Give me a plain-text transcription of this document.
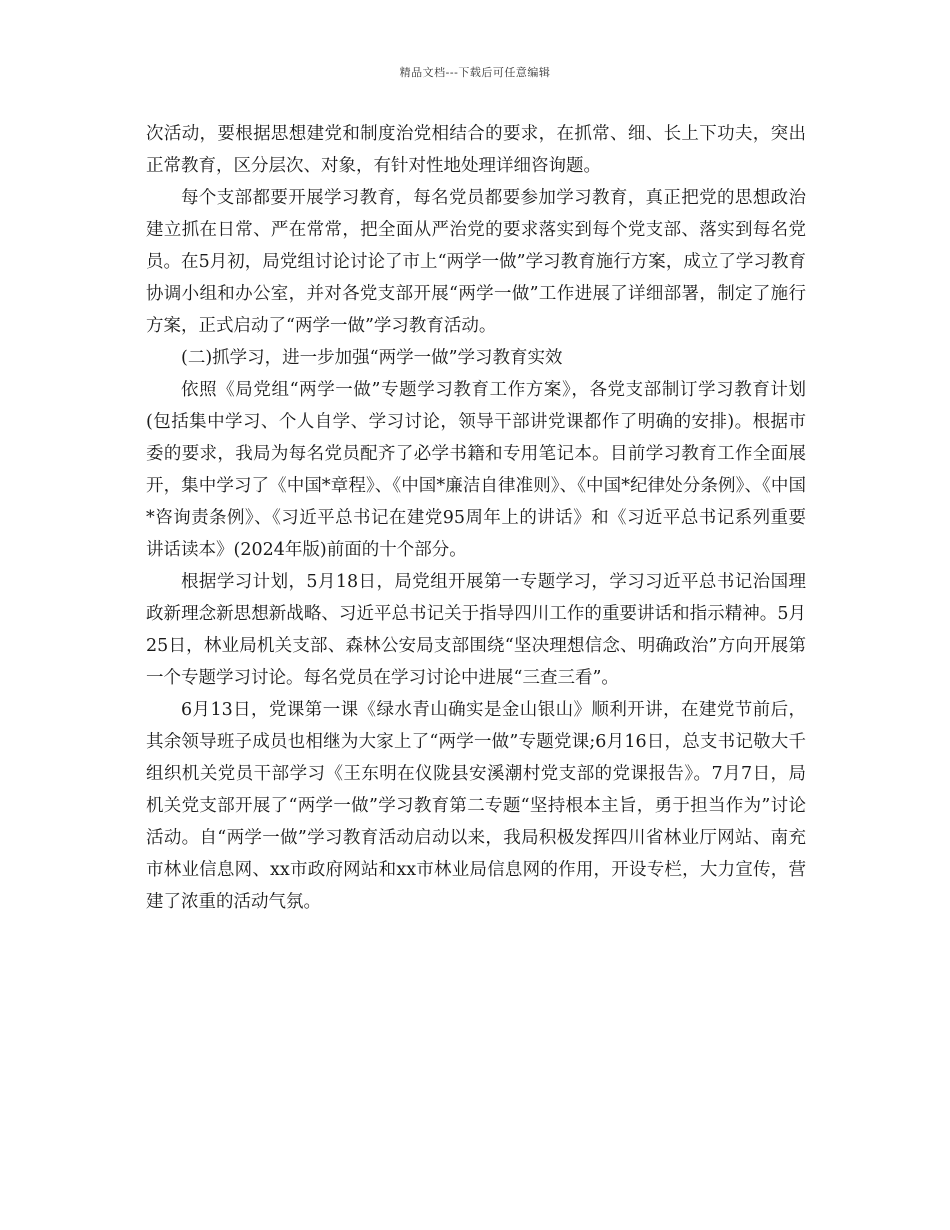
精品文档---下载后可任意编辑

次活动，要根据思想建党和制度治党相结合的要求，在抓常、细、长上下功夫，突出正常教育，区分层次、对象，有针对性地处理详细咨询题。

每个支部都要开展学习教育，每名党员都要参加学习教育，真正把党的思想政治建立抓在日常、严在常常，把全面从严治党的要求落实到每个党支部、落实到每名党员。在5月初，局党组讨论讨论了市上“两学一做”学习教育施行方案，成立了学习教育协调小组和办公室，并对各党支部开展“两学一做”工作进展了详细部署，制定了施行方案，正式启动了“两学一做”学习教育活动。

(二)抓学习，进一步加强“两学一做”学习教育实效

依照《局党组“两学一做”专题学习教育工作方案》，各党支部制订学习教育计划(包括集中学习、个人自学、学习讨论，领导干部讲党课都作了明确的安排)。根据市委的要求，我局为每名党员配齐了必学书籍和专用笔记本。目前学习教育工作全面展开，集中学习了《中国*章程》、《中国*廉洁自律准则》、《中国*纪律处分条例》、《中国*咨询责条例》、《习近平总书记在建党95周年上的讲话》和《习近平总书记系列重要讲话读本》(2024年版)前面的十个部分。

根据学习计划，5月18日，局党组开展第一专题学习，学习习近平总书记治国理政新理念新思想新战略、习近平总书记关于指导四川工作的重要讲话和指示精神。5月25日，林业局机关支部、森林公安局支部围绕“坚决理想信念、明确政治”方向开展第一个专题学习讨论。每名党员在学习讨论中进展“三查三看”。

6月13日，党课第一课《绿水青山确实是金山银山》顺利开讲，在建党节前后，其余领导班子成员也相继为大家上了“两学一做”专题党课;6月16日，总支书记敬大千组织机关党员干部学习《王东明在仪陇县安溪潮村党支部的党课报告》。7月7日，局机关党支部开展了“两学一做”学习教育第二专题“坚持根本主旨，勇于担当作为”讨论活动。自“两学一做”学习教育活动启动以来，我局积极发挥四川省林业厅网站、南充市林业信息网、xx市政府网站和xx市林业局信息网的作用，开设专栏，大力宣传，营建了浓重的活动气氛。
